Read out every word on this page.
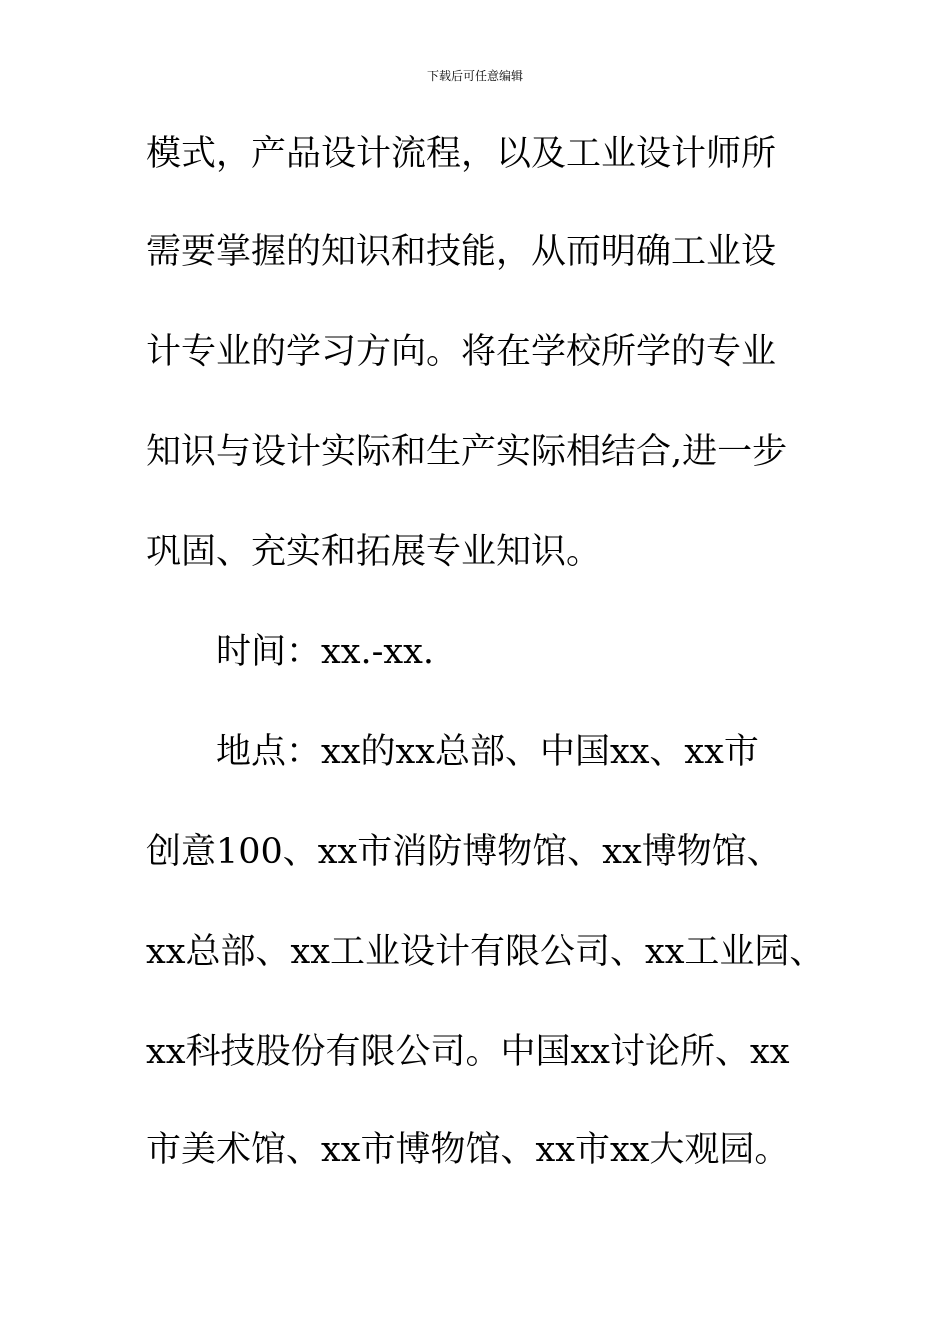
下载后可任意编辑
模式，产品设计流程，以及工业设计师所
需要掌握的知识和技能，从而明确工业设
计专业的学习方向。将在学校所学的专业
知识与设计实际和生产实际相结合,进一步
巩固、充实和拓展专业知识。
时间：xx.-xx.
地点：xx的xx总部、中国xx、xx市
创意100、xx市消防博物馆、xx博物馆、
xx总部、xx工业设计有限公司、xx工业园、
xx科技股份有限公司。中国xx讨论所、xx
市美术馆、xx市博物馆、xx市xx大观园。
